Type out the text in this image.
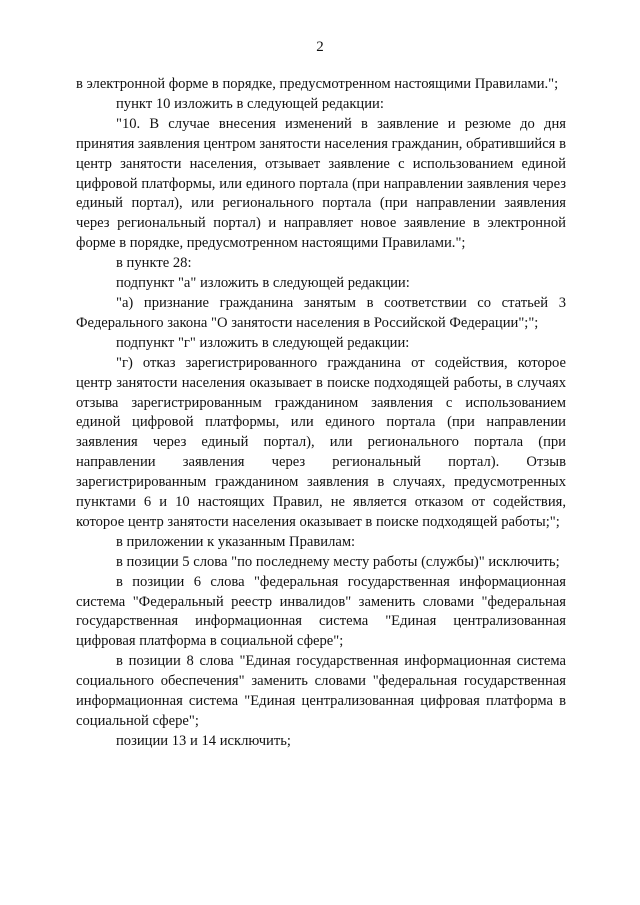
2

в электронной форме в порядке, предусмотренном настоящими Правилами.";

пункт 10 изложить в следующей редакции:

"10. В случае внесения изменений в заявление и резюме до дня принятия заявления центром занятости населения гражданин, обратившийся в центр занятости населения, отзывает заявление с использованием единой цифровой платформы, или единого портала (при направлении заявления через единый портал), или регионального портала (при направлении заявления через региональный портал) и направляет новое заявление в электронной форме в порядке, предусмотренном настоящими Правилами.";

в пункте 28:

подпункт "а" изложить в следующей редакции:

"а) признание гражданина занятым в соответствии со статьей 3 Федерального закона "О занятости населения в Российской Федерации";";

подпункт "г" изложить в следующей редакции:

"г) отказ зарегистрированного гражданина от содействия, которое центр занятости населения оказывает в поиске подходящей работы, в случаях отзыва зарегистрированным гражданином заявления с использованием единой цифровой платформы, или единого портала (при направлении заявления через единый портал), или регионального портала (при направлении заявления через региональный портал). Отзыв зарегистрированным гражданином заявления в случаях, предусмотренных пунктами 6 и 10 настоящих Правил, не является отказом от содействия, которое центр занятости населения оказывает в поиске подходящей работы;";

в приложении к указанным Правилам:

в позиции 5 слова "по последнему месту работы (службы)" исключить;

в позиции 6 слова "федеральная государственная информационная система "Федеральный реестр инвалидов" заменить словами "федеральная государственная информационная система "Единая централизованная цифровая платформа в социальной сфере";

в позиции 8 слова "Единая государственная информационная система социального обеспечения" заменить словами "федеральная государственная информационная система "Единая централизованная цифровая платформа в социальной сфере";

позиции 13 и 14 исключить;
